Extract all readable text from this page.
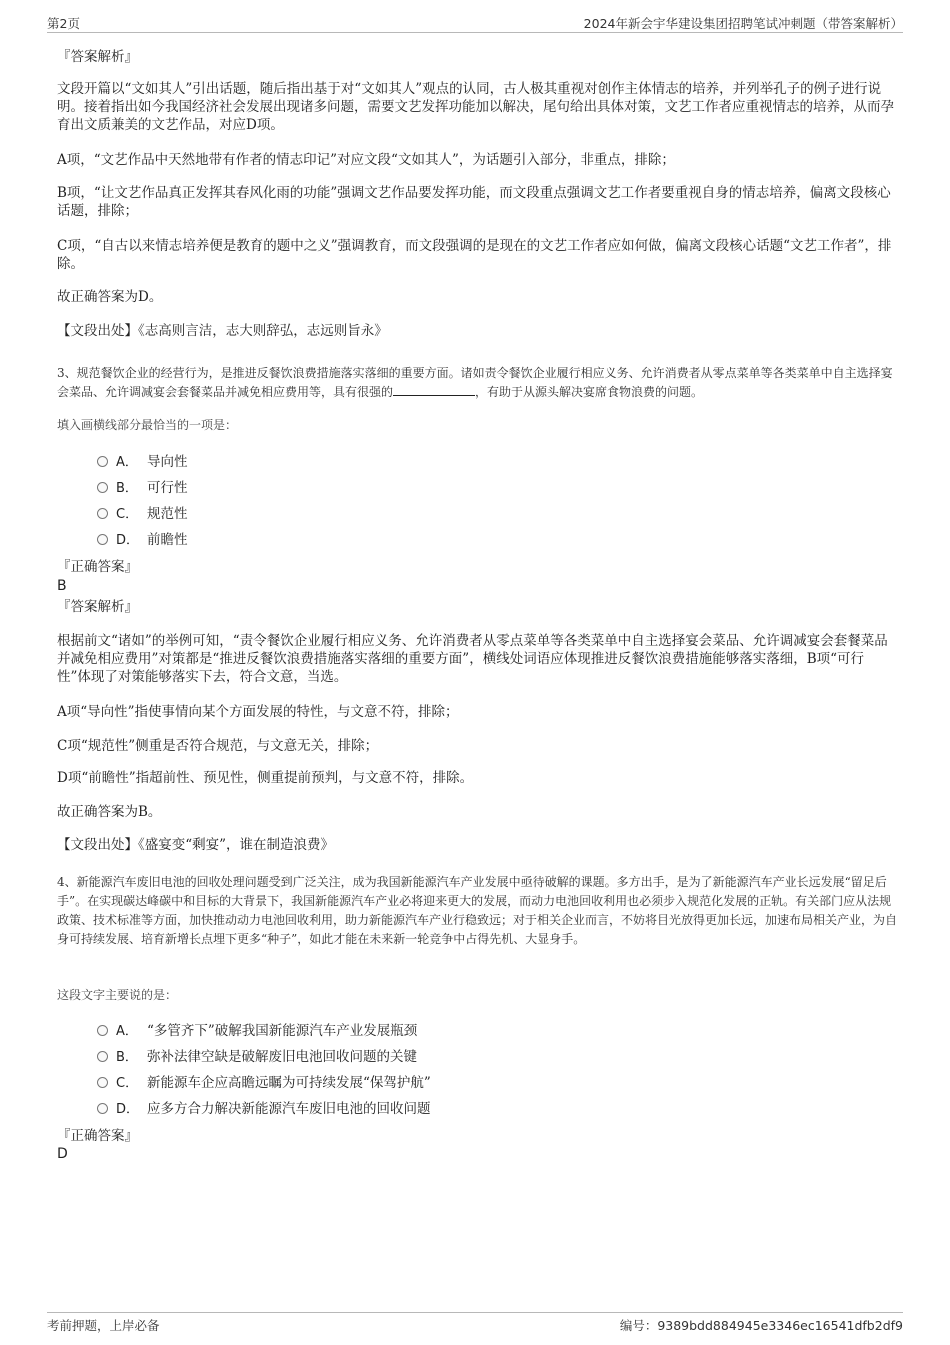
第2页	2024年新会宇华建设集团招聘笔试冲刺题（带答案解析）
『答案解析』
文段开篇以“文如其人”引出话题，随后指出基于对“文如其人”观点的认同，古人极其重视对创作主体情志的培养，并列举孔子的例子进行说明。接着指出如今我国经济社会发展出现诸多问题，需要文艺发挥功能加以解决，尾句给出具体对策，文艺工作者应重视情志的培养，从而孕育出文质兼美的文艺作品，对应D项。
A项，“文艺作品中天然地带有作者的情志印记”对应文段“文如其人”，为话题引入部分，非重点，排除；
B项，“让文艺作品真正发挥其春风化雨的功能”强调文艺作品要发挥功能，而文段重点强调文艺工作者要重视自身的情志培养，偏离文段核心话题，排除；
C项，“自古以来情志培养便是教育的题中之义”强调教育，而文段强调的是现在的文艺工作者应如何做，偏离文段核心话题“文艺工作者”，排除。
故正确答案为D。
【文段出处】《志高则言洁，志大则辞弘，志远则旨永》
3、规范餐饮企业的经营行为，是推进反餐饮浪费措施落实落细的重要方面。诸如责令餐饮企业履行相应义务、允许消费者从零点菜单等各类菜单中自主选择宴会菜品、允许调减宴会套餐菜品并减免相应费用等，具有很强的	，有助于从源头解决宴席食物浪费的问题。
填入画横线部分最恰当的一项是：
A． 导向性
B． 可行性
C． 规范性
D． 前瞻性
『正确答案』
B
『答案解析』
根据前文“诸如”的举例可知，“责令餐饮企业履行相应义务、允许消费者从零点菜单等各类菜单中自主选择宴会菜品、允许调减宴会套餐菜品并减免相应费用”对策都是“推进反餐饮浪费措施落实落细的重要方面”，横线处词语应体现推进反餐饮浪费措施能够落实落细，B项“可行性”体现了对策能够落实下去，符合文意，当选。
A项“导向性”指使事情向某个方面发展的特性，与文意不符，排除；
C项“规范性”侧重是否符合规范，与文意无关，排除；
D项“前瞻性”指超前性、预见性，侧重提前预判，与文意不符，排除。
故正确答案为B。
【文段出处】《盛宴变“剩宴”，谁在制造浪费》
4、新能源汽车废旧电池的回收处理问题受到广泛关注，成为我国新能源汽车产业发展中亟待破解的课题。多方出手，是为了新能源汽车产业长远发展“留足后手”。在实现碳达峰碳中和目标的大背景下，我国新能源汽车产业必将迎来更大的发展，而动力电池回收利用也必须步入规范化发展的正轨。有关部门应从法规政策、技术标准等方面，加快推动动力电池回收利用，助力新能源汽车产业行稳致远；对于相关企业而言，不妨将目光放得更加长远，加速布局相关产业，为自身可持续发展、培育新增长点埋下更多“种子”，如此才能在未来新一轮竞争中占得先机、大显身手。
这段文字主要说的是：
A． “多管齐下”破解我国新能源汽车产业发展瓶颈
B． 弥补法律空缺是破解废旧电池回收问题的关键
C． 新能源车企应高瞻远瞩为可持续发展“保驾护航”
D． 应多方合力解决新能源汽车废旧电池的回收问题
『正确答案』
D
考前押题，上岸必备	编号：9389bdd884945e3346ec16541dfb2df9
